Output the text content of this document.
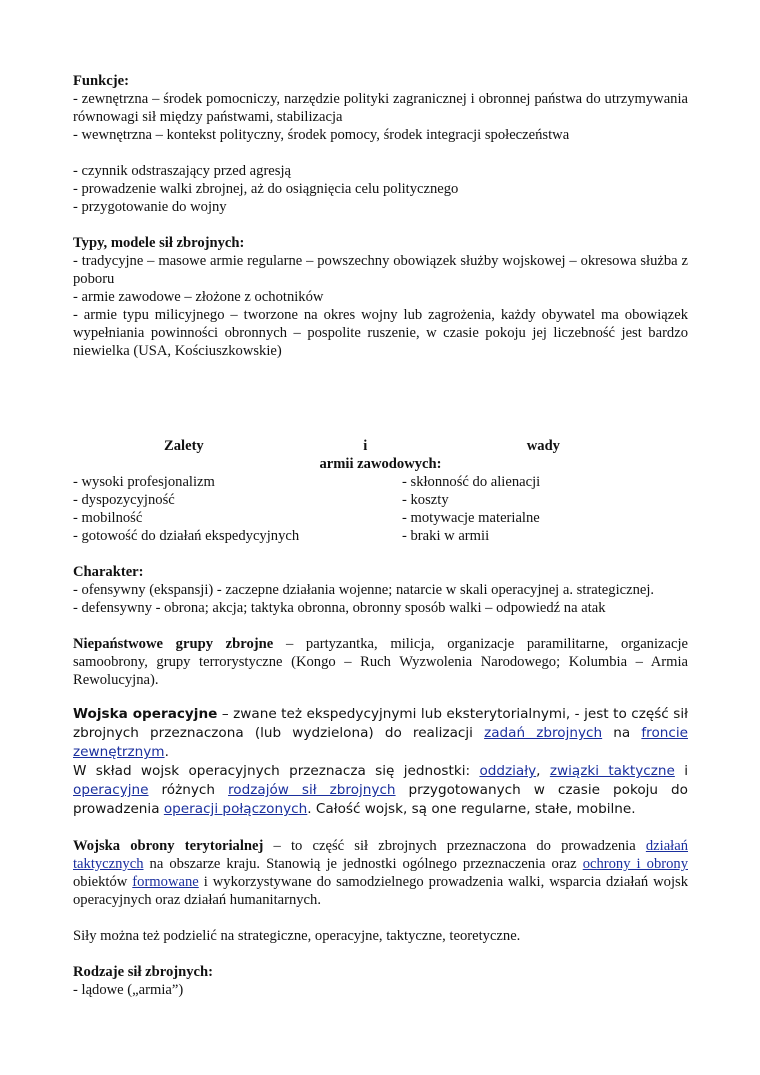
Funkcje:

- zewnętrzna – środek pomocniczy, narzędzie polityki zagranicznej i obronnej państwa do utrzymywania równowagi sił między państwami, stabilizacja

- wewnętrzna – kontekst polityczny, środek pomocy, środek integracji społeczeństwa

- czynnik odstraszający przed agresją

- prowadzenie walki zbrojnej, aż do osiągnięcia celu politycznego

- przygotowanie do wojny

Typy, modele sił zbrojnych:

- tradycyjne – masowe armie regularne – powszechny obowiązek służby wojskowej – okresowa służba z poboru

- armie zawodowe – złożone z ochotników

- armie typu milicyjnego – tworzone na okres wojny lub zagrożenia, każdy obywatel ma obowiązek wypełniania powinności obronnych – pospolite ruszenie, w czasie pokoju jej liczebność jest bardzo niewielka (USA, Kościuszkowskie)

Zalety	i	wady

armii zawodowych:

- wysoki profesjonalizm

- dyspozycyjność

- mobilność

- gotowość do działań ekspedycyjnych

- skłonność do alienacji

- koszty

- motywacje materialne

- braki w armii

Charakter:

- ofensywny (ekspansji) - zaczepne działania wojenne; natarcie w skali operacyjnej a. strategicznej.

- defensywny - obrona; akcja; taktyka obronna, obronny sposób walki – odpowiedź na atak

Niepaństwowe grupy zbrojne – partyzantka, milicja, organizacje paramilitarne, organizacje samoobrony, grupy terrorystyczne (Kongo – Ruch Wyzwolenia Narodowego; Kolumbia – Armia Rewolucyjna).

Wojska operacyjne – zwane też ekspedycyjnymi lub eksterytorialnymi, - jest to część sił zbrojnych przeznaczona (lub wydzielona) do realizacji zadań zbrojnych na froncie zewnętrznym.

W skład wojsk operacyjnych przeznacza się jednostki: oddziały, związki taktyczne i operacyjne różnych rodzajów sił zbrojnych przygotowanych w czasie pokoju do prowadzenia operacji połączonych. Całość wojsk, są one regularne, stałe, mobilne.

Wojska obrony terytorialnej – to część sił zbrojnych przeznaczona do prowadzenia działań taktycznych na obszarze kraju. Stanowią je jednostki ogólnego przeznaczenia oraz ochrony i obrony obiektów formowane i wykorzystywane do samodzielnego prowadzenia walki, wsparcia działań wojsk operacyjnych oraz działań humanitarnych.

Siły można też podzielić na strategiczne, operacyjne, taktyczne, teoretyczne.

Rodzaje sił zbrojnych:

- lądowe („armia”)
